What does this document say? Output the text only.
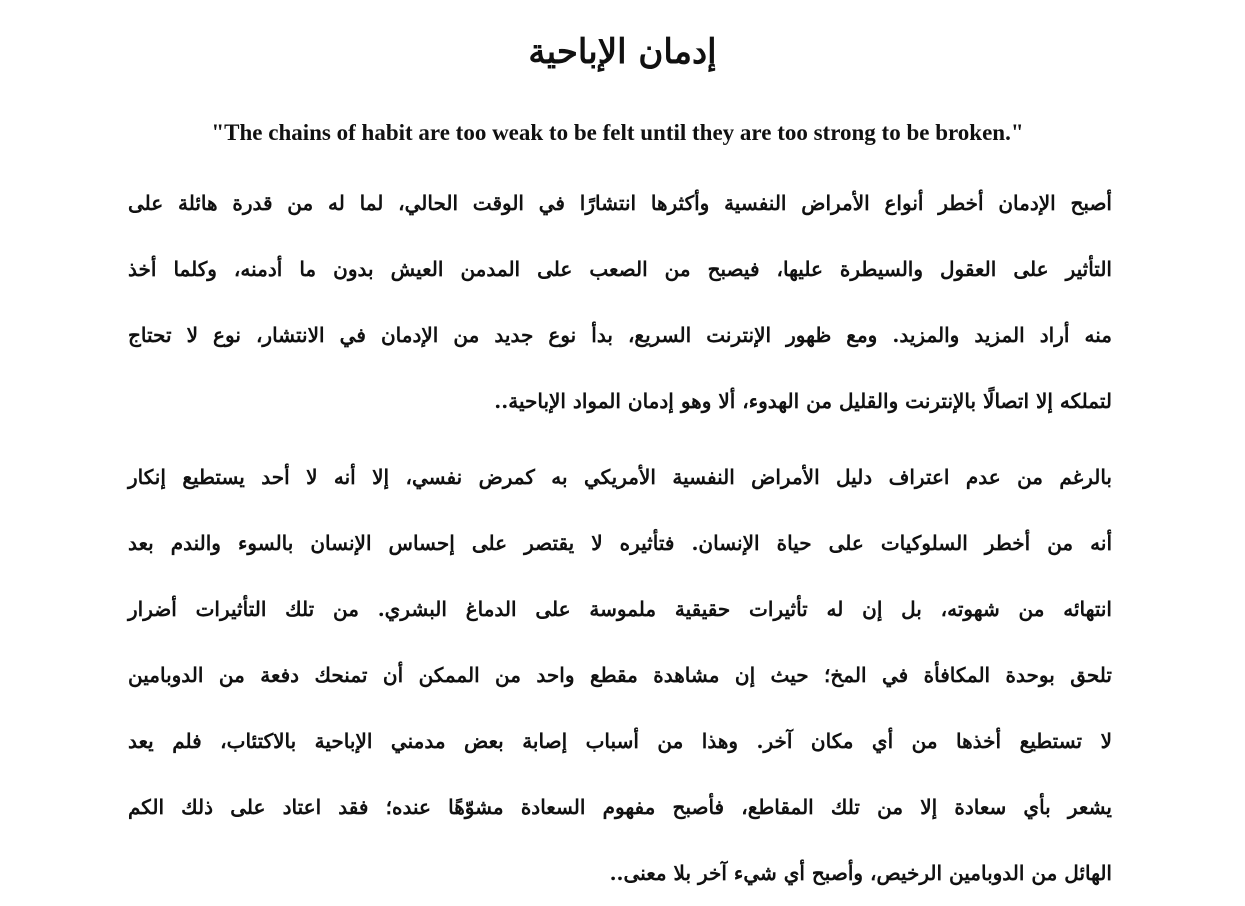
إدمان الإباحية

"The chains of habit are too weak to be felt until they are too strong to be broken."

أصبح الإدمان أخطر أنواع الأمراض النفسية وأكثرها انتشارًا في الوقت الحالي، لما له من قدرة هائلة على
التأثير على العقول والسيطرة عليها، فيصبح من الصعب على المدمن العيش بدون ما أدمنه، وكلما أخذ
منه أراد المزيد والمزيد. ومع ظهور الإنترنت السريع، بدأ نوع جديد من الإدمان في الانتشار، نوع لا تحتاج
لتملكه إلا اتصالًا بالإنترنت والقليل من الهدوء، ألا وهو إدمان المواد الإباحية..
بالرغم من عدم اعتراف دليل الأمراض النفسية الأمريكي به كمرض نفسي، إلا أنه لا أحد يستطيع إنكار
أنه من أخطر السلوكيات على حياة الإنسان. فتأثيره لا يقتصر على إحساس الإنسان بالسوء والندم بعد
انتهائه من شهوته، بل إن له تأثيرات حقيقية ملموسة على الدماغ البشري. من تلك التأثيرات أضرار
تلحق بوحدة المكافأة في المخ؛ حيث إن مشاهدة مقطع واحد من الممكن أن تمنحك دفعة من الدوبامين
لا تستطيع أخذها من أي مكان آخر. وهذا من أسباب إصابة بعض مدمني الإباحية بالاكتئاب، فلم يعد
يشعر بأي سعادة إلا من تلك المقاطع، فأصبح مفهوم السعادة مشوّهًا عنده؛ فقد اعتاد على ذلك الكم
الهائل من الدوبامين الرخيص، وأصبح أي شيء آخر بلا معنى..
